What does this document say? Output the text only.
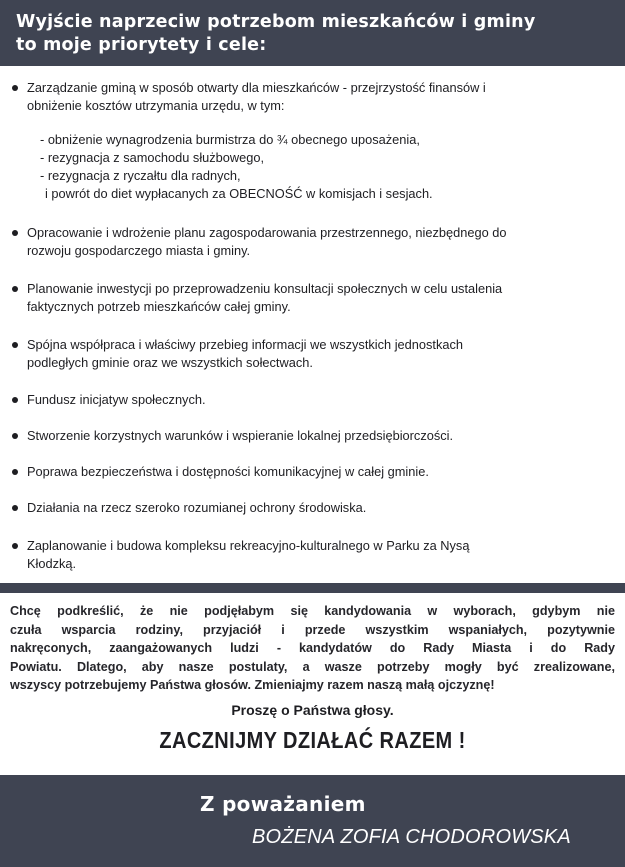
Wyjście naprzeciw potrzebom mieszkańców i gminy
to moje priorytety i cele:
Zarządzanie gminą w sposób otwarty dla mieszkańców - przejrzystość finansów i
obniżenie kosztów utrzymania urzędu, w tym:
- obniżenie wynagrodzenia burmistrza do ¾ obecnego uposażenia,
- rezygnacja z samochodu służbowego,
- rezygnacja z ryczałtu dla radnych,
i powrót do diet wypłacanych za OBECNOŚĆ w komisjach i sesjach.
Opracowanie i wdrożenie planu zagospodarowania przestrzennego, niezbędnego do
rozwoju gospodarczego miasta i gminy.
Planowanie inwestycji po przeprowadzeniu konsultacji społecznych w celu ustalenia
faktycznych potrzeb mieszkańców całej gminy.
Spójna współpraca i właściwy przebieg informacji we wszystkich jednostkach
podległych gminie oraz we wszystkich sołectwach.
Fundusz inicjatyw społecznych.
Stworzenie korzystnych warunków i wspieranie lokalnej przedsiębiorczości.
Poprawa bezpieczeństwa i dostępności komunikacyjnej w całej gminie.
Działania na rzecz szeroko rozumianej ochrony środowiska.
Zaplanowanie i budowa kompleksu rekreacyjno-kulturalnego w Parku za Nysą
Kłodzką.
Chcę podkreślić, że nie podjęłabym się kandydowania w wyborach, gdybym nie
czuła wsparcia rodziny, przyjaciół i przede wszystkim wspaniałych, pozytywnie
nakręconych, zaangażowanych ludzi - kandydatów do Rady Miasta i do Rady
Powiatu. Dlatego, aby nasze postulaty, a wasze potrzeby mogły być zrealizowane,
wszyscy potrzebujemy Państwa głosów. Zmieniajmy razem naszą małą ojczyznę!
Proszę o Państwa głosy.
ZACZNIJMY DZIAŁAĆ RAZEM !
Z poważaniem
BOŻENA ZOFIA CHODOROWSKA
